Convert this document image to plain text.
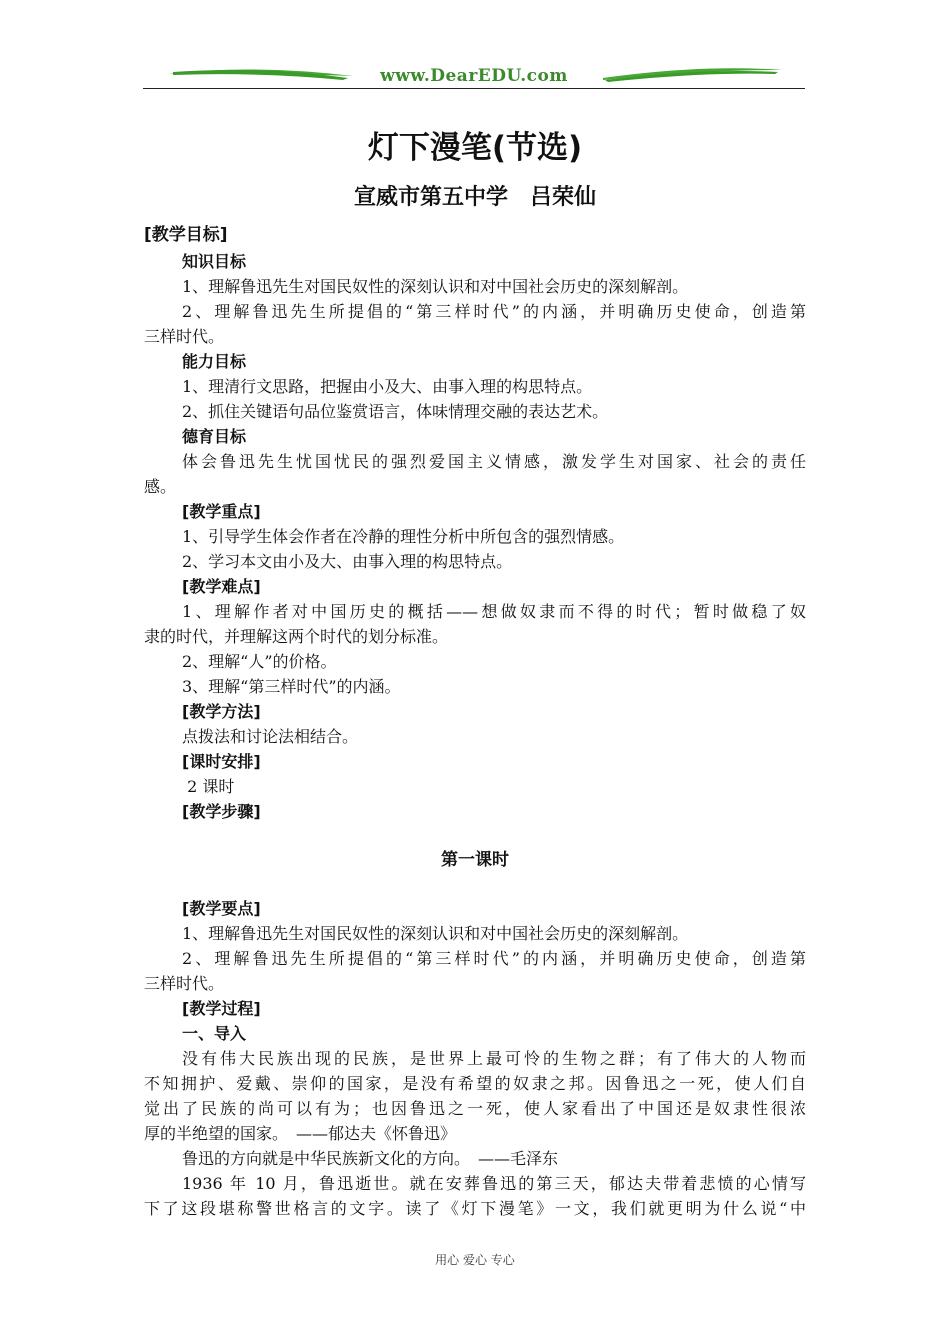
www.DearEDU.com
灯下漫笔(节选)
宣威市第五中学　吕荣仙
[教学目标]
知识目标
1、理解鲁迅先生对国民奴性的深刻认识和对中国社会历史的深刻解剖。
2、理解鲁迅先生所提倡的“第三样时代”的内涵，并明确历史使命，创造第
三样时代。
能力目标
1、理清行文思路，把握由小及大、由事入理的构思特点。
2、抓住关键语句品位鉴赏语言，体味情理交融的表达艺术。
德育目标
体会鲁迅先生忧国忧民的强烈爱国主义情感，激发学生对国家、社会的责任
感。
[教学重点]
1、引导学生体会作者在冷静的理性分析中所包含的强烈情感。
2、学习本文由小及大、由事入理的构思特点。
[教学难点]
1、理解作者对中国历史的概括——想做奴隶而不得的时代；暂时做稳了奴
隶的时代，并理解这两个时代的划分标准。
2、理解“人”的价格。
3、理解“第三样时代”的内涵。
[教学方法]
点拨法和讨论法相结合。
[课时安排]
2 课时
[教学步骤]
第一课时
[教学要点]
1、理解鲁迅先生对国民奴性的深刻认识和对中国社会历史的深刻解剖。
2、理解鲁迅先生所提倡的“第三样时代”的内涵，并明确历史使命，创造第
三样时代。
[教学过程]
一、导入
没有伟大民族出现的民族，是世界上最可怜的生物之群；有了伟大的人物而
不知拥护、爱戴、崇仰的国家，是没有希望的奴隶之邦。因鲁迅之一死，使人们自
觉出了民族的尚可以有为；也因鲁迅之一死，使人家看出了中国还是奴隶性很浓
厚的半绝望的国家。　——郁达夫《怀鲁迅》
鲁迅的方向就是中华民族新文化的方向。　——毛泽东
1936 年 10 月，鲁迅逝世。就在安葬鲁迅的第三天，郁达夫带着悲愤的心情写
下了这段堪称警世格言的文字。读了《灯下漫笔》一文，我们就更明为什么说“中
用心 爱心 专心
